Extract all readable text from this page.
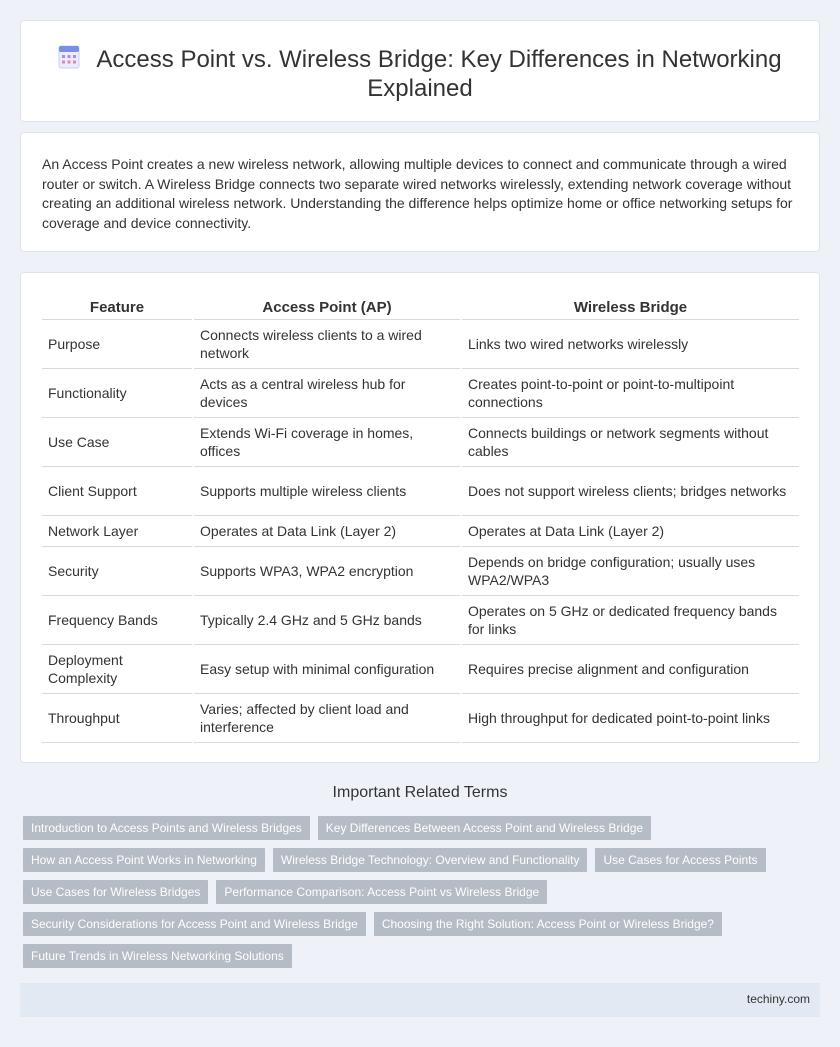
Access Point vs. Wireless Bridge: Key Differences in Networking
Explained

An Access Point creates a new wireless network, allowing multiple devices to connect and communicate through a wired router or switch. A Wireless Bridge connects two separate wired networks wirelessly, extending network coverage without creating an additional wireless network. Understanding the difference helps optimize home or office networking setups for coverage and device connectivity.

Feature	Access Point (AP)	Wireless Bridge
Purpose	Connects wireless clients to a wired network	Links two wired networks wirelessly
Functionality	Acts as a central wireless hub for devices	Creates point-to-point or point-to-multipoint connections
Use Case	Extends Wi-Fi coverage in homes, offices	Connects buildings or network segments without cables
Client Support	Supports multiple wireless clients	Does not support wireless clients; bridges networks
Network Layer	Operates at Data Link (Layer 2)	Operates at Data Link (Layer 2)
Security	Supports WPA3, WPA2 encryption	Depends on bridge configuration; usually uses WPA2/WPA3
Frequency Bands	Typically 2.4 GHz and 5 GHz bands	Operates on 5 GHz or dedicated frequency bands for links
Deployment Complexity	Easy setup with minimal configuration	Requires precise alignment and configuration
Throughput	Varies; affected by client load and interference	High throughput for dedicated point-to-point links
Important Related Terms
Introduction to Access Points and Wireless Bridges	Key Differences Between Access Point and Wireless Bridge
How an Access Point Works in Networking	Wireless Bridge Technology: Overview and Functionality	Use Cases for Access Points
Use Cases for Wireless Bridges	Performance Comparison: Access Point vs Wireless Bridge
Security Considerations for Access Point and Wireless Bridge	Choosing the Right Solution: Access Point or Wireless Bridge?
Future Trends in Wireless Networking Solutions
techiny.com
